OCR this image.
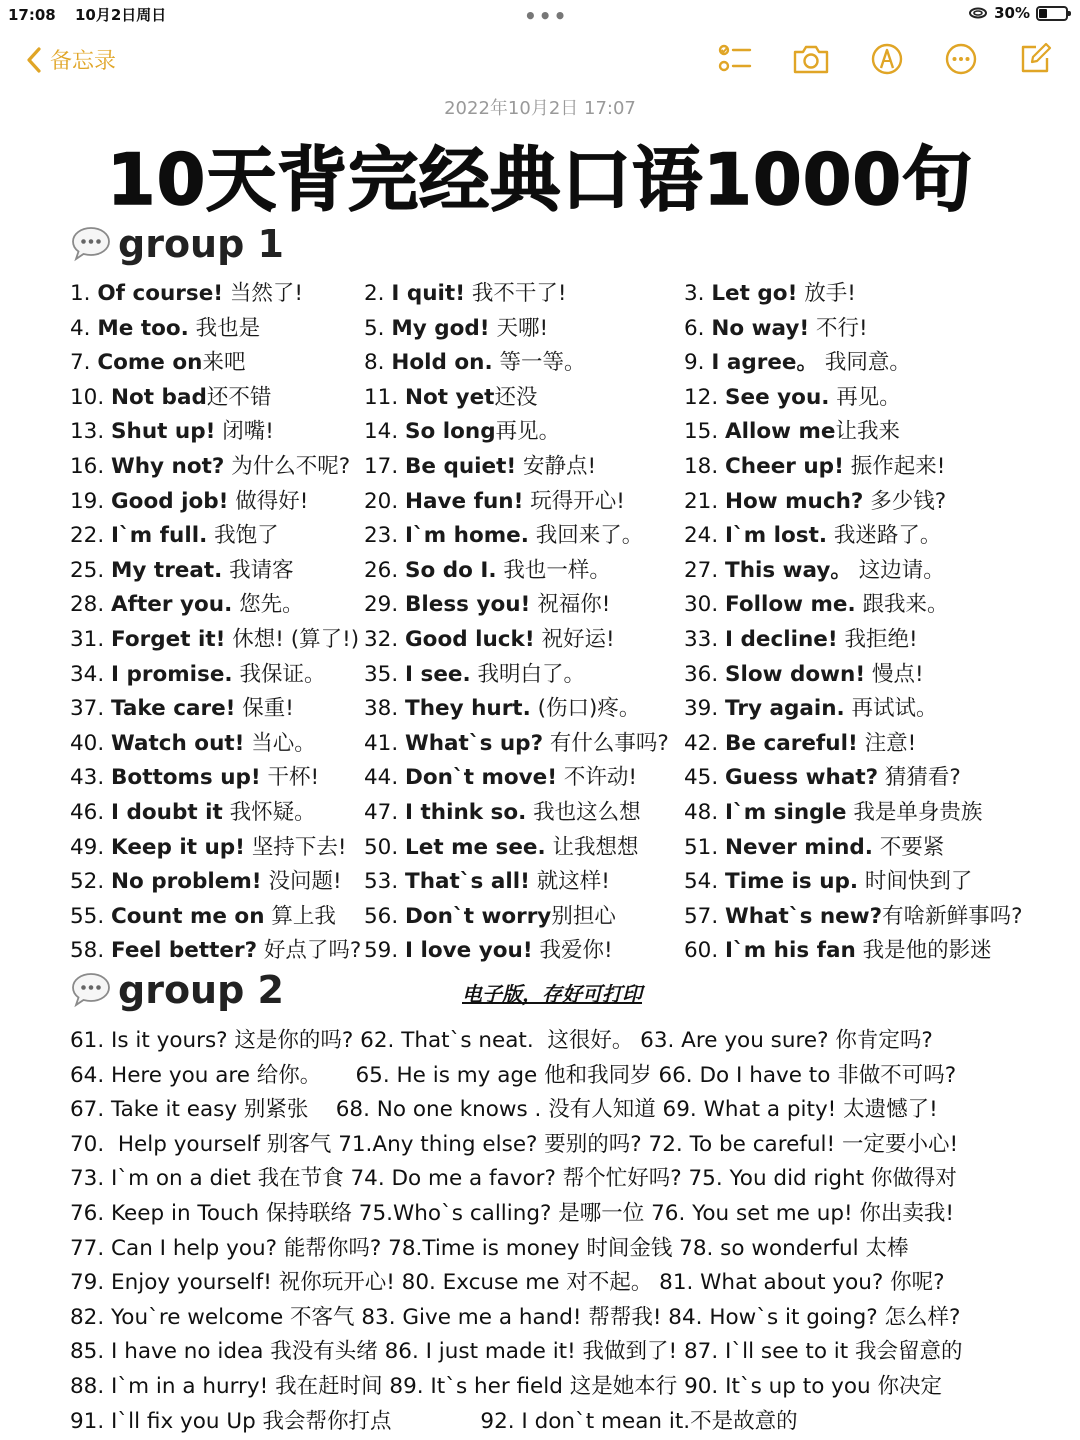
17:08 10月2日周日	•••	30%
备忘录
2022年10月2日 17:07
10天背完经典口语1000句
group 1
1. Of course! 当然了!	2. I quit! 我不干了!	3. Let go! 放手!
4. Me too. 我也是	5. My god! 天哪!	6. No way! 不行!
7. Come on来吧	8. Hold on. 等一等。	9. I agree。 我同意。
10. Not bad还不错	11. Not yet还没	12. See you. 再见。
13. Shut up! 闭嘴!	14. So long再见。	15. Allow me让我来
16. Why not? 为什么不呢? 17. Be quiet! 安静点!	18. Cheer up! 振作起来!
19. Good job! 做得好!	20. Have fun! 玩得开心!	21. How much? 多少钱?
22. I`m full. 我饱了	23. I`m home. 我回来了。 24. I`m lost. 我迷路了。
25. My treat. 我请客	26. So do I. 我也一样。	27. This way。 这边请。
28. After you. 您先。	29. Bless you! 祝福你!	30. Follow me. 跟我来。
31. Forget it! 休想! (算了!) 32. Good luck! 祝好运!	33. I decline! 我拒绝!
34. I promise. 我保证。 35. I see. 我明白了。	36. Slow down! 慢点!
37. Take care! 保重!	38. They hurt. (伤口)疼。 39. Try again. 再试试。
40. Watch out! 当心。 41. What`s up? 有什么事吗? 42. Be careful! 注意!
43. Bottoms up! 干杯! 44. Don`t move! 不许动! 45. Guess what? 猜猜看?
46. I doubt it 我怀疑。 47. I think so. 我也这么想 48. I`m single 我是单身贵族
49. Keep it up! 坚持下去! 50. Let me see. 让我想想 51. Never mind. 不要紧
52. No problem! 没问题! 53. That`s all! 就这样!	54. Time is up. 时间快到了
55. Count me on 算上我 56. Don`t worry别担心	57. What`s new?有啥新鲜事吗?
58. Feel better? 好点了吗? 59. I love you! 我爱你!	60. I`m his fan 我是他的影迷
group 2	电子版，存好可打印
61. Is it yours? 这是你的吗? 62. That`s neat.  这很好。 63. Are you sure? 你肯定吗?
64. Here you are 给你。     65. He is my age 他和我同岁 66. Do I have to 非做不可吗?
67. Take it easy 别紧张    68. No one knows . 没有人知道 69. What a pity! 太遗憾了!
70.  Help yourself 别客气 71.Any thing else? 要别的吗? 72. To be careful! 一定要小心!
73. I`m on a diet 我在节食 74. Do me a favor? 帮个忙好吗? 75. You did right 你做得对
76. Keep in Touch 保持联络 75.Who`s calling? 是哪一位 76. You set me up! 你出卖我!
77. Can I help you? 能帮你吗? 78.Time is money 时间金钱 78. so wonderful 太棒
79. Enjoy yourself! 祝你玩开心! 80. Excuse me 对不起。 81. What about you? 你呢?
82. You`re welcome 不客气 83. Give me a hand! 帮帮我! 84. How`s it going? 怎么样?
85. I have no idea 我没有头绪 86. I just made it! 我做到了! 87. I`ll see to it 我会留意的
88. I`m in a hurry! 我在赶时间 89. It`s her field 这是她本行 90. It`s up to you 你决定
91. I`ll fix you Up 我会帮你打点             92. I don`t mean it.不是故意的
